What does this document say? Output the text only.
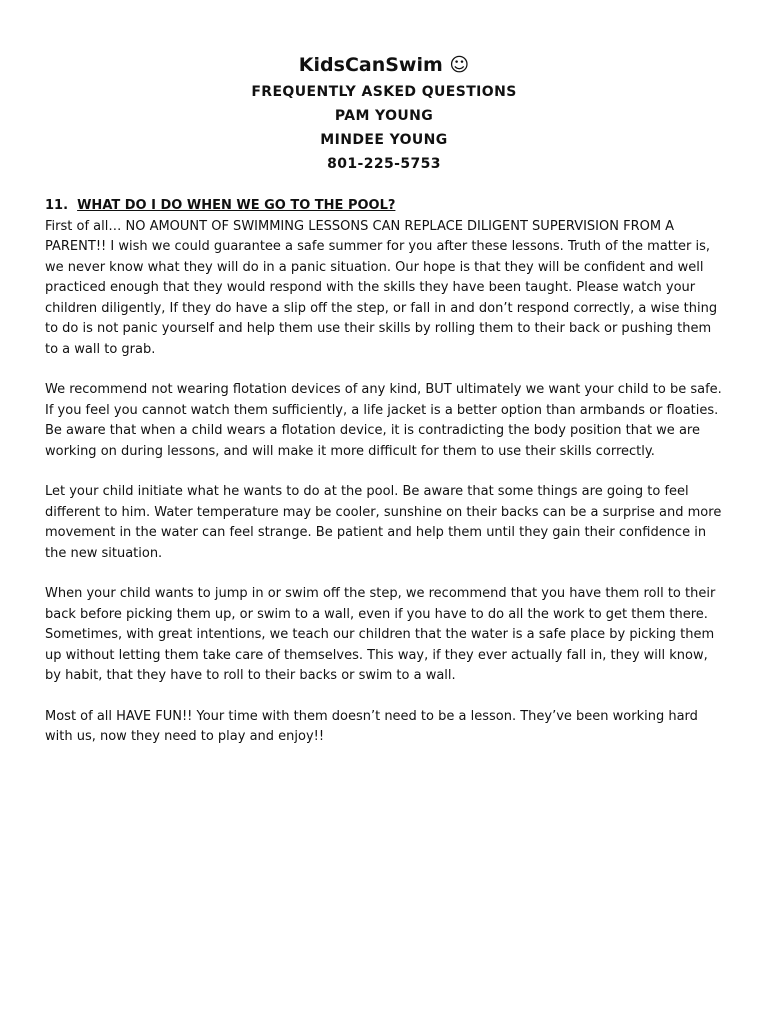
KidsCanSwim ☺

FREQUENTLY ASKED QUESTIONS

PAM YOUNG

MINDEE YOUNG

801-225-5753

11. WHAT DO I DO WHEN WE GO TO THE POOL?

First of all… NO AMOUNT OF SWIMMING LESSONS CAN REPLACE DILIGENT SUPERVISION FROM A PARENT!! I wish we could guarantee a safe summer for you after these lessons. Truth of the matter is, we never know what they will do in a panic situation. Our hope is that they will be confident and well practiced enough that they would respond with the skills they have been taught. Please watch your children diligently, If they do have a slip off the step, or fall in and don’t respond correctly, a wise thing to do is not panic yourself and help them use their skills by rolling them to their back or pushing them to a wall to grab.

We recommend not wearing flotation devices of any kind, BUT ultimately we want your child to be safe. If you feel you cannot watch them sufficiently, a life jacket is a better option than armbands or floaties. Be aware that when a child wears a flotation device, it is contradicting the body position that we are working on during lessons, and will make it more difficult for them to use their skills correctly.

Let your child initiate what he wants to do at the pool. Be aware that some things are going to feel different to him. Water temperature may be cooler, sunshine on their backs can be a surprise and more movement in the water can feel strange. Be patient and help them until they gain their confidence in the new situation.

When your child wants to jump in or swim off the step, we recommend that you have them roll to their back before picking them up, or swim to a wall, even if you have to do all the work to get them there. Sometimes, with great intentions, we teach our children that the water is a safe place by picking them up without letting them take care of themselves. This way, if they ever actually fall in, they will know, by habit, that they have to roll to their backs or swim to a wall.

Most of all HAVE FUN!! Your time with them doesn’t need to be a lesson. They’ve been working hard with us, now they need to play and enjoy!!
